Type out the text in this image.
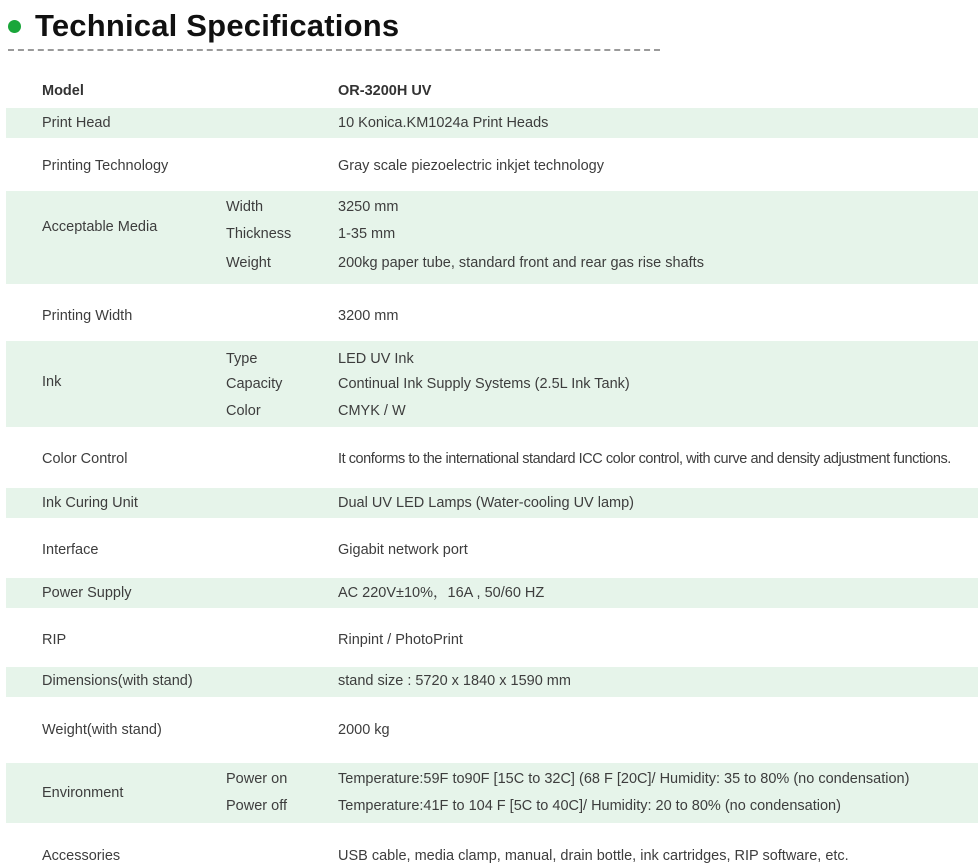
Technical Specifications
Model	OR-3200H UV
Print Head	10 Konica.KM1024a Print Heads
Printing Technology	Gray scale piezoelectric inkjet technology
Acceptable Media
Width	3250 mm
Thickness	1-35 mm
Weight	200kg paper tube, standard front and rear gas rise shafts
Printing Width	3200 mm
Ink
Type	LED UV Ink
Capacity	Continual Ink Supply Systems (2.5L Ink Tank)
Color	CMYK / W
Color Control	It conforms to the international standard ICC color control, with curve and density adjustment functions.
Ink Curing Unit	Dual UV LED Lamps (Water-cooling UV lamp)
Interface	Gigabit network port
Power Supply	AC 220V±10%，16A , 50/60 HZ
RIP	Rinpint / PhotoPrint
Dimensions(with stand)	stand size : 5720 x 1840 x 1590 mm
Weight(with stand)	2000 kg
Environment
Power on	Temperature:59F to90F [15C to 32C] (68 F [20C]/ Humidity: 35 to 80% (no condensation)
Power off	Temperature:41F to 104 F [5C to 40C]/ Humidity: 20 to 80% (no condensation)
Accessories	USB cable, media clamp, manual, drain bottle, ink cartridges, RIP software, etc.
